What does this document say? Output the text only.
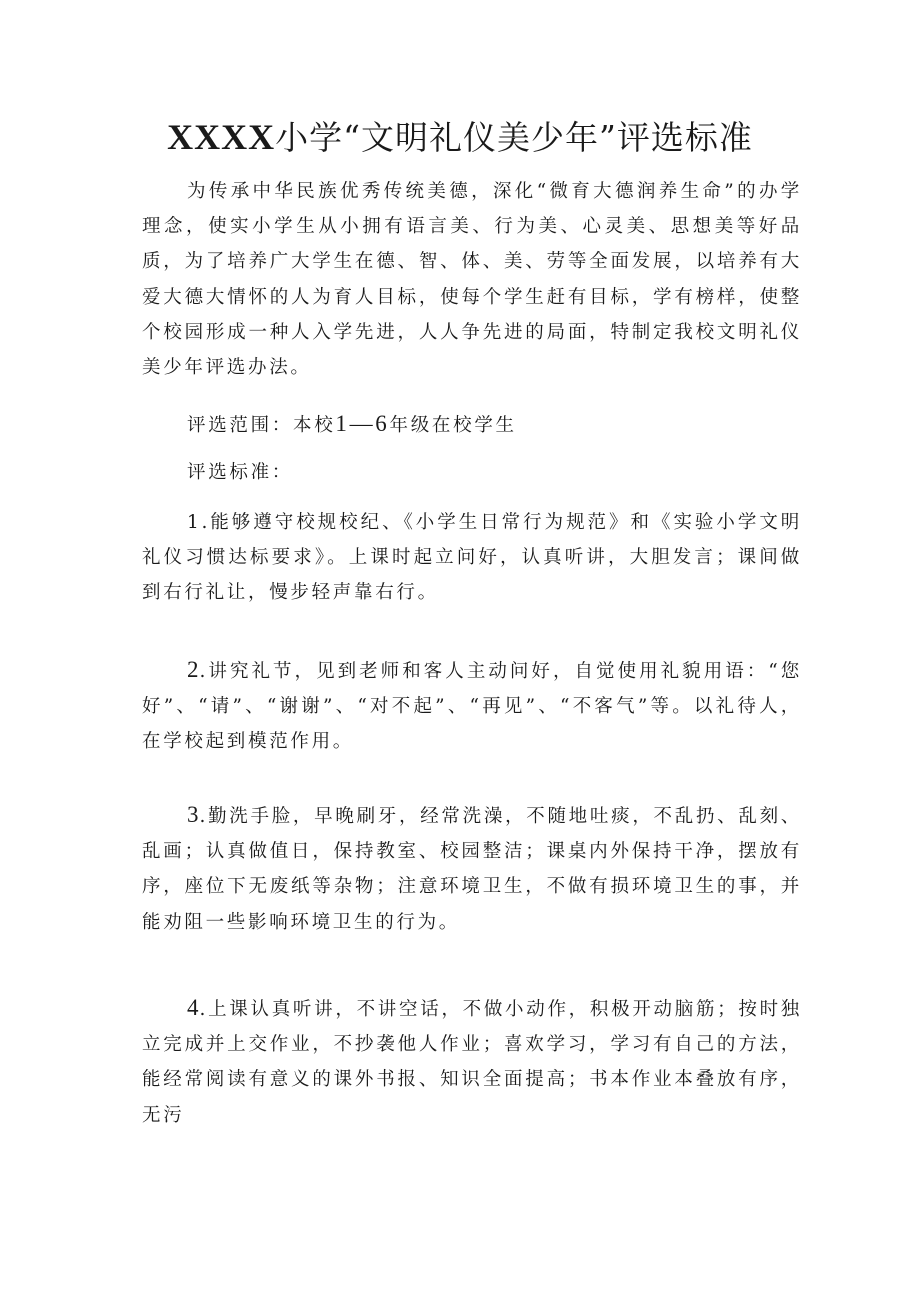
XXXX小学“文明礼仪美少年”评选标准

为传承中华民族优秀传统美德，深化“微育大德润养生命”的办学理念，使实小学生从小拥有语言美、行为美、心灵美、思想美等好品质，为了培养广大学生在德、智、体、美、劳等全面发展，以培养有大爱大德大情怀的人为育人目标，使每个学生赶有目标，学有榜样，使整个校园形成一种人入学先进，人人争先进的局面，特制定我校文明礼仪美少年评选办法。

评选范围：本校1—6年级在校学生

评选标准：

1.能够遵守校规校纪、《小学生日常行为规范》和《实验小学文明礼仪习惯达标要求》。上课时起立问好，认真听讲，大胆发言；课间做到右行礼让，慢步轻声靠右行。

2.讲究礼节，见到老师和客人主动问好，自觉使用礼貌用语：“您好”、“请”、“谢谢”、“对不起”、“再见”、“不客气”等。以礼待人，在学校起到模范作用。

3.勤洗手脸，早晚刷牙，经常洗澡，不随地吐痰，不乱扔、乱刻、乱画；认真做值日，保持教室、校园整洁；课桌内外保持干净，摆放有序，座位下无废纸等杂物；注意环境卫生，不做有损环境卫生的事，并能劝阻一些影响环境卫生的行为。

4.上课认真听讲，不讲空话，不做小动作，积极开动脑筋；按时独立完成并上交作业，不抄袭他人作业；喜欢学习，学习有自己的方法，能经常阅读有意义的课外书报、知识全面提高；书本作业本叠放有序，无污
